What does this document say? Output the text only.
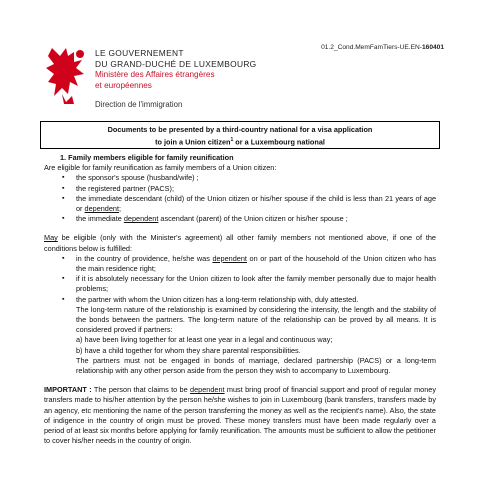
LE GOUVERNEMENT
DU GRAND-DUCHÉ DE LUXEMBOURG
Ministère des Affaires étrangères
et européennes
Direction de l'immigration
01.2_Cond.MemFamTiers-UE.EN-160401
Documents to be presented by a third-country national for a visa application
to join a Union citizen$^1$ or a Luxembourg national

1. Family members eligible for family reunification

Are eligible for family reunification as family members of a Union citizen:

▪ the sponsor's spouse (husband/wife) ;
▪ the registered partner (PACS);
▪ the immediate descendant (child) of the Union citizen or his/her spouse if the child is less than 21 years of age or dependent;
▪ the immediate dependent ascendant (parent) of the Union citizen or his/her spouse ;

May be eligible (only with the Minister's agreement) all other family members not mentioned above, if one of the conditions below is fulfilled:

▪ in the country of providence, he/she was dependent on or part of the household of the Union citizen who has the main residence right;
▪ if it is absolutely necessary for the Union citizen to look after the family member personally due to major health problems;
▪ the partner with whom the Union citizen has a long-term relationship with, duly attested.

The long-term nature of the relationship is examined by considering the intensity, the length and the stability of the bonds between the partners. The long-term nature of the relationship can be proved by all means. It is considered proved if partners:

a) have been living together for at least one year in a legal and continuous way;

b) have a child together for whom they share parental responsibilities.

The partners must not be engaged in bonds of marriage, declared partnership (PACS) or a long-term relationship with any other person aside from the person they wish to accompany to Luxembourg.

IMPORTANT : The person that claims to be dependent must bring proof of financial support and proof of regular money transfers made to his/her attention by the person he/she wishes to join in Luxembourg (bank transfers, transfers made by an agency, etc mentioning the name of the person transferring the money as well as the recipient's name). Also, the state of indigence in the country of origin must be proved. These money transfers must have been made regularly over a period of at least six months before applying for family reunification. The amounts must be sufficient to allow the petitioner to cover his/her needs in the country of origin.
